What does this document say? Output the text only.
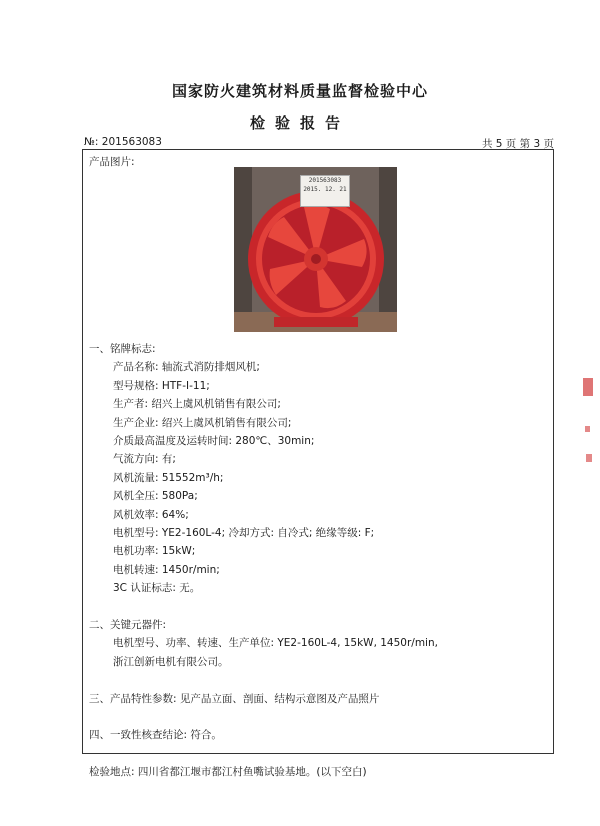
国家防火建筑材料质量监督检验中心
检验报告
№: 201563083	共 5 页 第 3 页
产品图片:
201563083
2015. 12. 21
一、铭牌标志:
产品名称: 轴流式消防排烟风机;
型号规格: HTF-Ⅰ-11;
生产者: 绍兴上虞风机销售有限公司;
生产企业: 绍兴上虞风机销售有限公司;
介质最高温度及运转时间: 280℃、30min;
气流方向: 有;
风机流量: 51552m³/h;
风机全压: 580Pa;
风机效率: 64%;
电机型号: YE2-160L-4; 冷却方式: 自冷式; 绝缘等级: F;
电机功率: 15kW;
电机转速: 1450r/min;
3C 认证标志: 无。
二、关键元器件:
电机型号、功率、转速、生产单位: YE2-160L-4, 15kW, 1450r/min,
浙江创新电机有限公司。
三、产品特性参数: 见产品立面、剖面、结构示意图及产品照片
四、一致性核查结论: 符合。
检验地点: 四川省都江堰市都江村鱼嘴试验基地。(以下空白)
